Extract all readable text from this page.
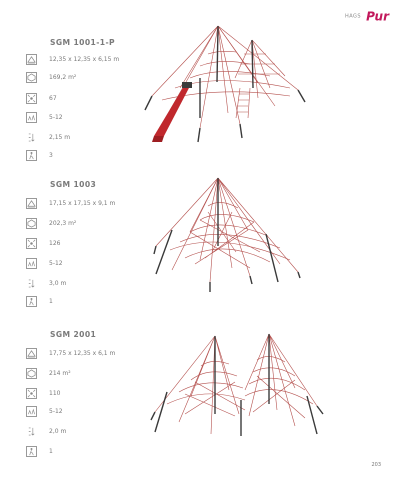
HAGS Pur
SGM 1001-1-P
12,35 x 12,35 x 6,15 m
169,2 m²
67
5-12
2,15 m
3
SGM 1003
17,15 x 17,15 x 9,1 m
202,3 m²
126
5-12
3,0 m
1
SGM 2001
17,75 x 12,35 x 6,1 m
214 m²
110
5-12
2,0 m
1
203
